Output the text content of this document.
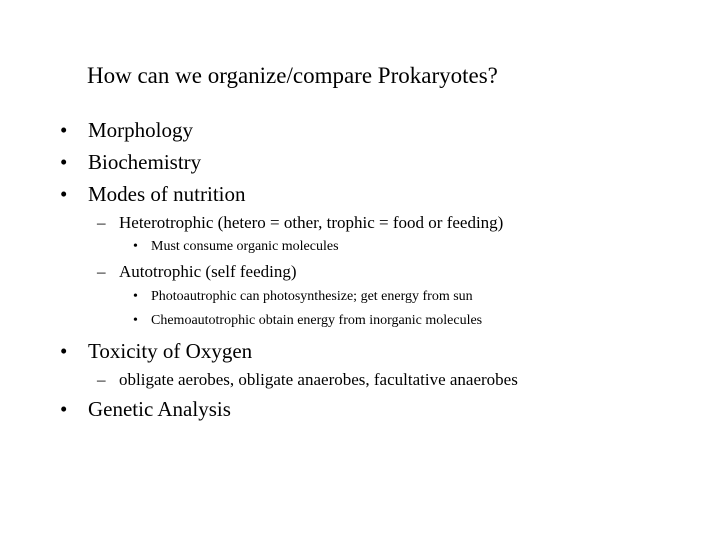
How can we organize/compare Prokaryotes?
• Morphology
• Biochemistry
• Modes of nutrition
– Heterotrophic (hetero = other, trophic = food or feeding)
• Must consume organic molecules
– Autotrophic (self feeding)
• Photoautrophic can photosynthesize; get energy from sun
• Chemoautotrophic obtain energy from inorganic molecules
• Toxicity of Oxygen
– obligate aerobes, obligate anaerobes, facultative anaerobes
• Genetic Analysis
